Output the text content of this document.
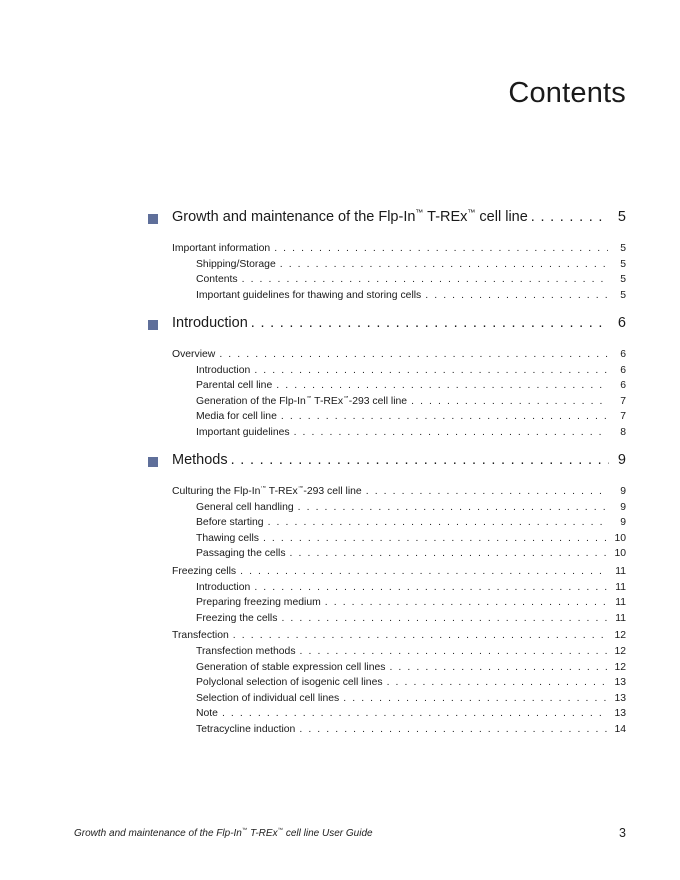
Contents
Growth and maintenance of the Flp-In™ T-REx™ cell line . . .	5
Important information . . .	5
Shipping/Storage . . .	5
Contents . . .	5
Important guidelines for thawing and storing cells . . .	5
Introduction . . .	6
Overview . . .	6
Introduction . . .	6
Parental cell line . . .	6
Generation of the Flp-In™ T-REx™-293 cell line . . .	7
Media for cell line . . .	7
Important guidelines . . .	8
Methods . . .	9
Culturing the Flp-In™ T-REx™-293 cell line . . .	9
General cell handling . . .	9
Before starting . . .	9
Thawing cells . . .	10
Passaging the cells . . .	10
Freezing cells . . .	11
Introduction . . .	11
Preparing freezing medium . . .	11
Freezing the cells . . .	11
Transfection . . .	12
Transfection methods . . .	12
Generation of stable expression cell lines . . .	12
Polyclonal selection of isogenic cell lines . . .	13
Selection of individual cell lines . . .	13
Note . . .	13
Tetracycline induction . . .	14
Growth and maintenance of the Flp-In™ T-REx™ cell line User Guide	3
